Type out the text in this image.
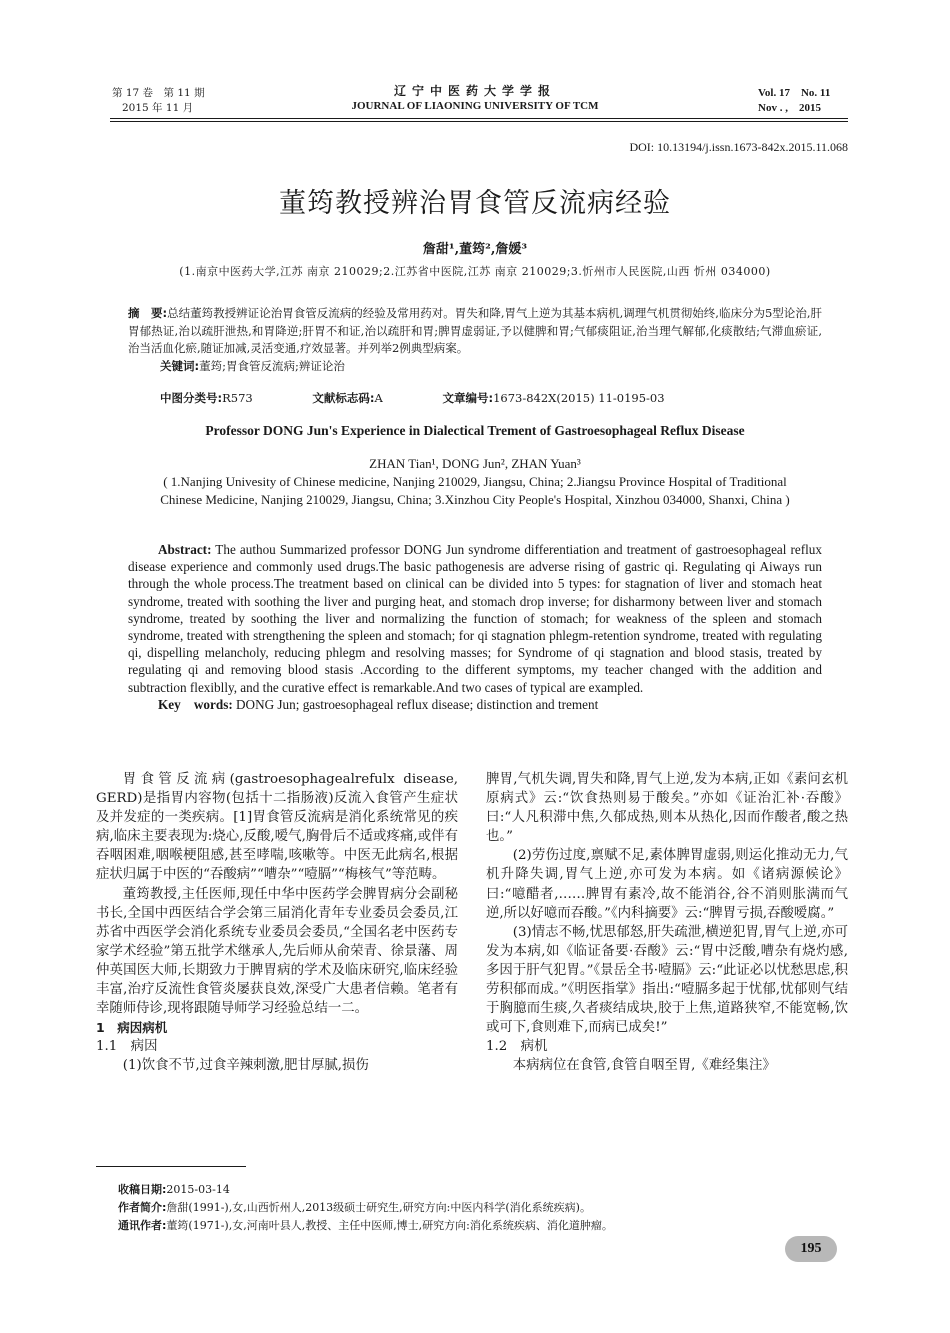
第 17 卷　第 11 期
2015 年 11 月
辽宁中医药大学学报
JOURNAL OF LIAONING UNIVERSITY OF TCM
Vol. 17　No. 11
Nov . ,　2015
DOI: 10.13194/j.issn.1673-842x.2015.11.068
董筠教授辨治胃食管反流病经验
詹甜¹,董筠²,詹媛³
(1.南京中医药大学,江苏 南京 210029;2.江苏省中医院,江苏 南京 210029;3.忻州市人民医院,山西 忻州 034000)
摘　要:总结董筠教授辨证论治胃食管反流病的经验及常用药对。胃失和降,胃气上逆为其基本病机,调理气机贯彻始终,临床分为5型论治,肝胃郁热证,治以疏肝泄热,和胃降逆;肝胃不和证,治以疏肝和胃;脾胃虚弱证,予以健脾和胃;气郁痰阻证,治当理气解郁,化痰散结;气滞血瘀证,治当活血化瘀,随证加减,灵活变通,疗效显著。并列举2例典型病案。
关键词:董筠;胃食管反流病;辨证论治
中图分类号:R573	文献标志码:A	文章编号:1673-842X(2015) 11-0195-03
Professor DONG Jun's Experience in Dialectical Trement of Gastroesophageal Reflux Disease
ZHAN Tian¹, DONG Jun², ZHAN Yuan³
( 1.Nanjing Univesity of Chinese medicine, Nanjing 210029, Jiangsu, China; 2.Jiangsu Province Hospital of Traditional Chinese Medicine, Nanjing 210029, Jiangsu, China; 3.Xinzhou City People's Hospital, Xinzhou 034000, Shanxi, China )
Abstract: The authou Summarized professor DONG Jun syndrome differentiation and treatment of gastroesophageal reflux disease experience and commonly used drugs.The basic pathogenesis are adverse rising of gastric qi. Regulating qi Aiways run through the whole process.The treatment based on clinical can be divided into 5 types: for stagnation of liver and stomach heat syndrome, treated with soothing the liver and purging heat, and stomach drop inverse; for disharmony between liver and stomach syndrome, treated by soothing the liver and normalizing the function of stomach; for weakness of the spleen and stomach syndrome, treated with strengthening the spleen and stomach; for qi stagnation phlegm-retention syndrome, treated with regulating qi, dispelling melancholy, reducing phlegm and resolving masses; for Syndrome of qi stagnation and blood stasis, treated by regulating qi and removing blood stasis .According to the different symptoms, my teacher changed with the addition and subtraction flexiblly, and the curative effect is remarkable.And two cases of typical are exampled.
Key　words: DONG Jun; gastroesophageal reflux disease; distinction and trement

胃食管反流病(gastroesophagealrefulx disease, GERD)是指胃内容物(包括十二指肠液)反流入食管产生症状及并发症的一类疾病。[1]胃食管反流病是消化系统常见的疾病,临床主要表现为:烧心,反酸,嗳气,胸骨后不适或疼痛,或伴有吞咽困难,咽喉梗阻感,甚至哮喘,咳嗽等。中医无此病名,根据症状归属于中医的“吞酸病”“嘈杂”“噎膈”“梅核气”等范畴。

董筠教授,主任医师,现任中华中医药学会脾胃病分会副秘书长,全国中西医结合学会第三届消化青年专业委员会委员,江苏省中西医学会消化系统专业委员会委员,“全国名老中医药专家学术经验”第五批学术继承人,先后师从俞荣青、徐景藩、周仲英国医大师,长期致力于脾胃病的学术及临床研究,临床经验丰富,治疗反流性食管炎屡获良效,深受广大患者信赖。笔者有幸随师侍诊,现将跟随导师学习经验总结一二。

1　病因病机

1.1　病因

(1)饮食不节,过食辛辣刺激,肥甘厚腻,损伤

脾胃,气机失调,胃失和降,胃气上逆,发为本病,正如《素问玄机原病式》云:“饮食热则易于酸矣。”亦如《证治汇补·吞酸》曰:“人凡积滞中焦,久郁成热,则本从热化,因而作酸者,酸之热也。”

(2)劳伤过度,禀赋不足,素体脾胃虚弱,则运化推动无力,气机升降失调,胃气上逆,亦可发为本病。如《诸病源候论》曰:“噫醋者,……脾胃有素冷,故不能消谷,谷不消则胀满而气逆,所以好噫而吞酸。”《内科摘要》云:“脾胃亏损,吞酸嗳腐。”

(3)情志不畅,忧思郁怒,肝失疏泄,横逆犯胃,胃气上逆,亦可发为本病,如《临证备要·吞酸》云:“胃中泛酸,嘈杂有烧灼感,多因于肝气犯胃。”《景岳全书·噎膈》云:“此证必以忧愁思虑,积劳积郁而成。”《明医指掌》指出:“噎膈多起于忧郁,忧郁则气结于胸臆而生痰,久者痰结成块,胶于上焦,道路狭窄,不能宽畅,饮或可下,食则难下,而病已成矣!”

1.2　病机

本病病位在食管,食管自咽至胃,《难经集注》

收稿日期:2015-03-14
作者简介:詹甜(1991-),女,山西忻州人,2013级硕士研究生,研究方向:中医内科学(消化系统疾病)。
通讯作者:董筠(1971-),女,河南叶县人,教授、主任中医师,博士,研究方向:消化系统疾病、消化道肿瘤。
195
